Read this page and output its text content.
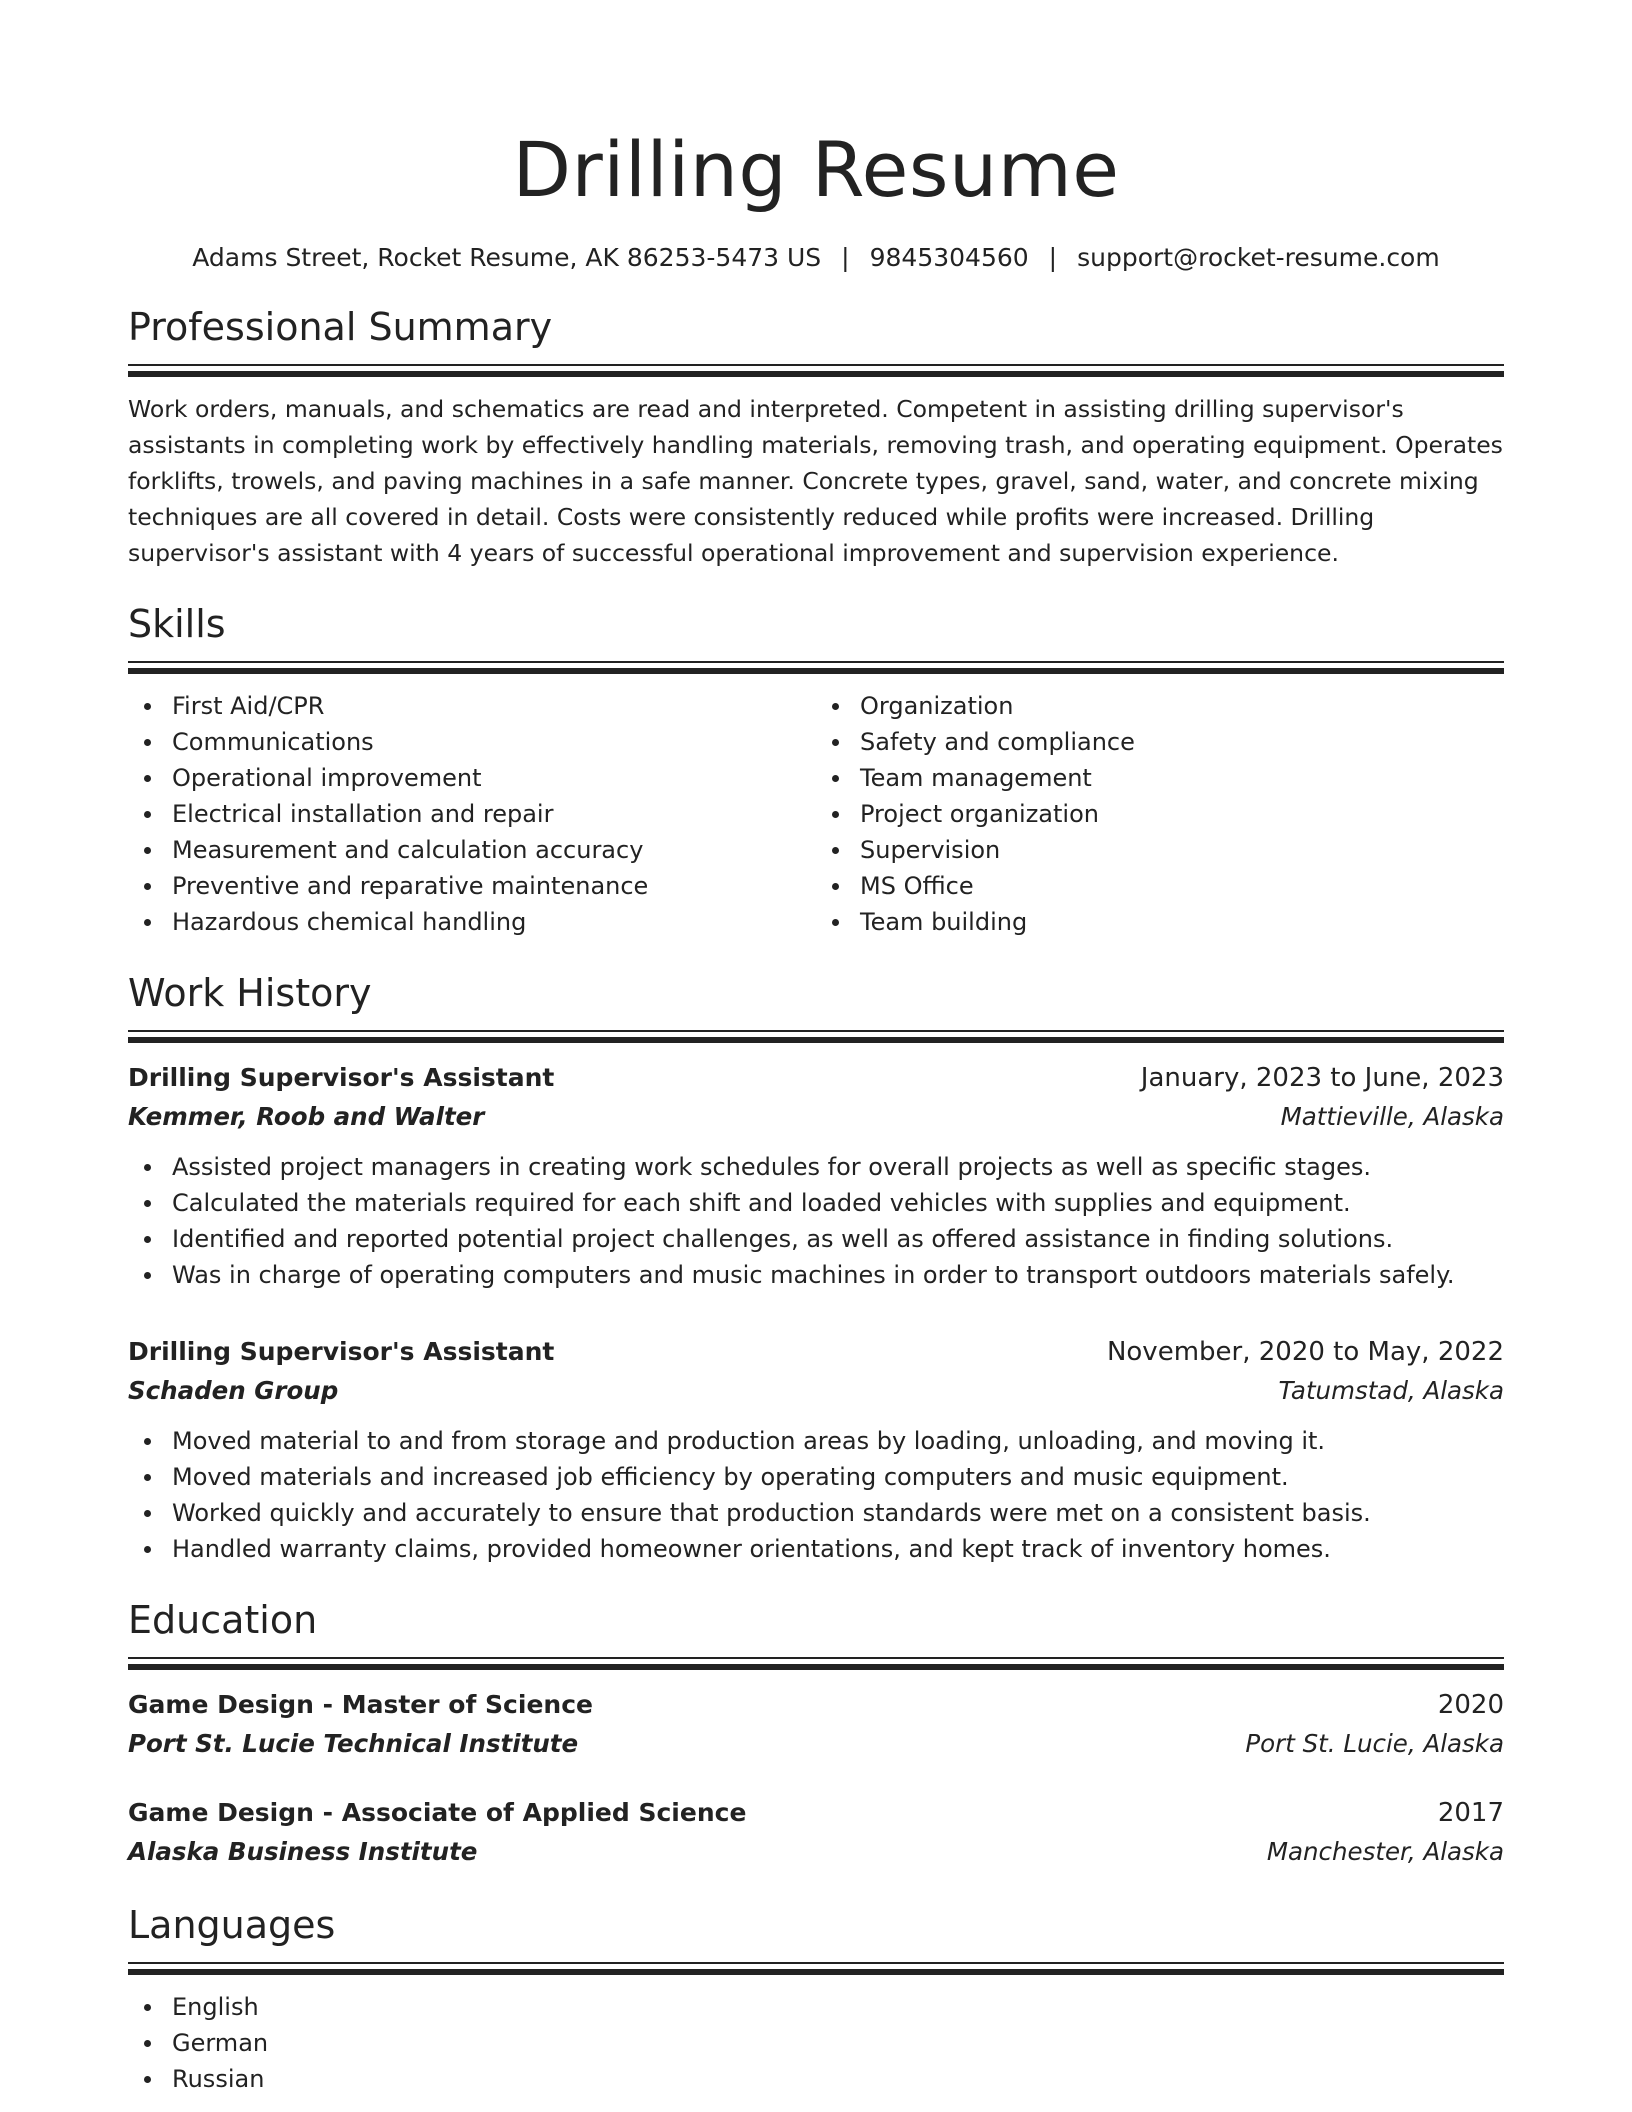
Drilling Resume
Adams Street, Rocket Resume, AK 86253-5473 US | 9845304560 | support@rocket-resume.com
Professional Summary
Work orders, manuals, and schematics are read and interpreted. Competent in assisting drilling supervisor's assistants in completing work by effectively handling materials, removing trash, and operating equipment. Operates forklifts, trowels, and paving machines in a safe manner. Concrete types, gravel, sand, water, and concrete mixing techniques are all covered in detail. Costs were consistently reduced while profits were increased. Drilling supervisor's assistant with 4 years of successful operational improvement and supervision experience.
Skills
First Aid/CPR
Communications
Operational improvement
Electrical installation and repair
Measurement and calculation accuracy
Preventive and reparative maintenance
Hazardous chemical handling
Organization
Safety and compliance
Team management
Project organization
Supervision
MS Office
Team building
Work History
Drilling Supervisor's Assistant	January, 2023 to June, 2023
Kemmer, Roob and Walter	Mattieville, Alaska
Assisted project managers in creating work schedules for overall projects as well as specific stages.
Calculated the materials required for each shift and loaded vehicles with supplies and equipment.
Identified and reported potential project challenges, as well as offered assistance in finding solutions.
Was in charge of operating computers and music machines in order to transport outdoors materials safely.
Drilling Supervisor's Assistant	November, 2020 to May, 2022
Schaden Group	Tatumstad, Alaska
Moved material to and from storage and production areas by loading, unloading, and moving it.
Moved materials and increased job efficiency by operating computers and music equipment.
Worked quickly and accurately to ensure that production standards were met on a consistent basis.
Handled warranty claims, provided homeowner orientations, and kept track of inventory homes.
Education
Game Design - Master of Science	2020
Port St. Lucie Technical Institute	Port St. Lucie, Alaska
Game Design - Associate of Applied Science	2017
Alaska Business Institute	Manchester, Alaska
Languages
English
German
Russian
